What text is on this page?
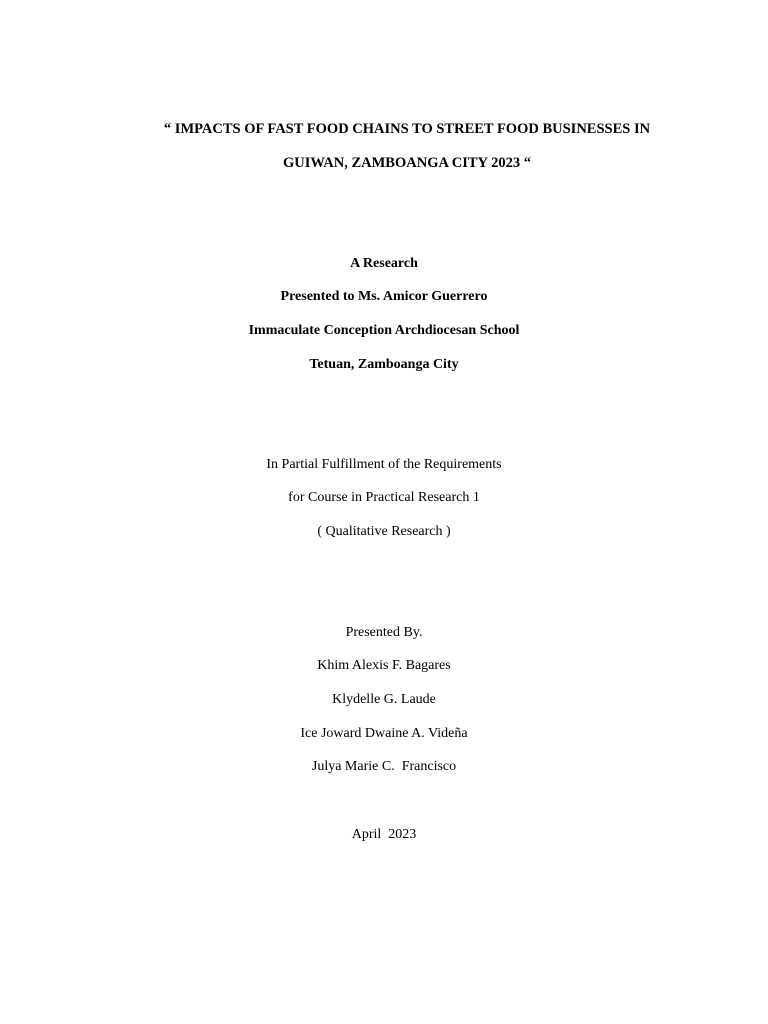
“ IMPACTS OF FAST FOOD CHAINS TO STREET FOOD BUSINESSES IN
GUIWAN, ZAMBOANGA CITY 2023 “
A Research
Presented to Ms. Amicor Guerrero
Immaculate Conception Archdiocesan School
Tetuan, Zamboanga City
In Partial Fulfillment of the Requirements
for Course in Practical Research 1
( Qualitative Research )
Presented By.
Khim Alexis F. Bagares
Klydelle G. Laude
Ice Joward Dwaine A. Videña
Julya Marie C.  Francisco
April  2023
